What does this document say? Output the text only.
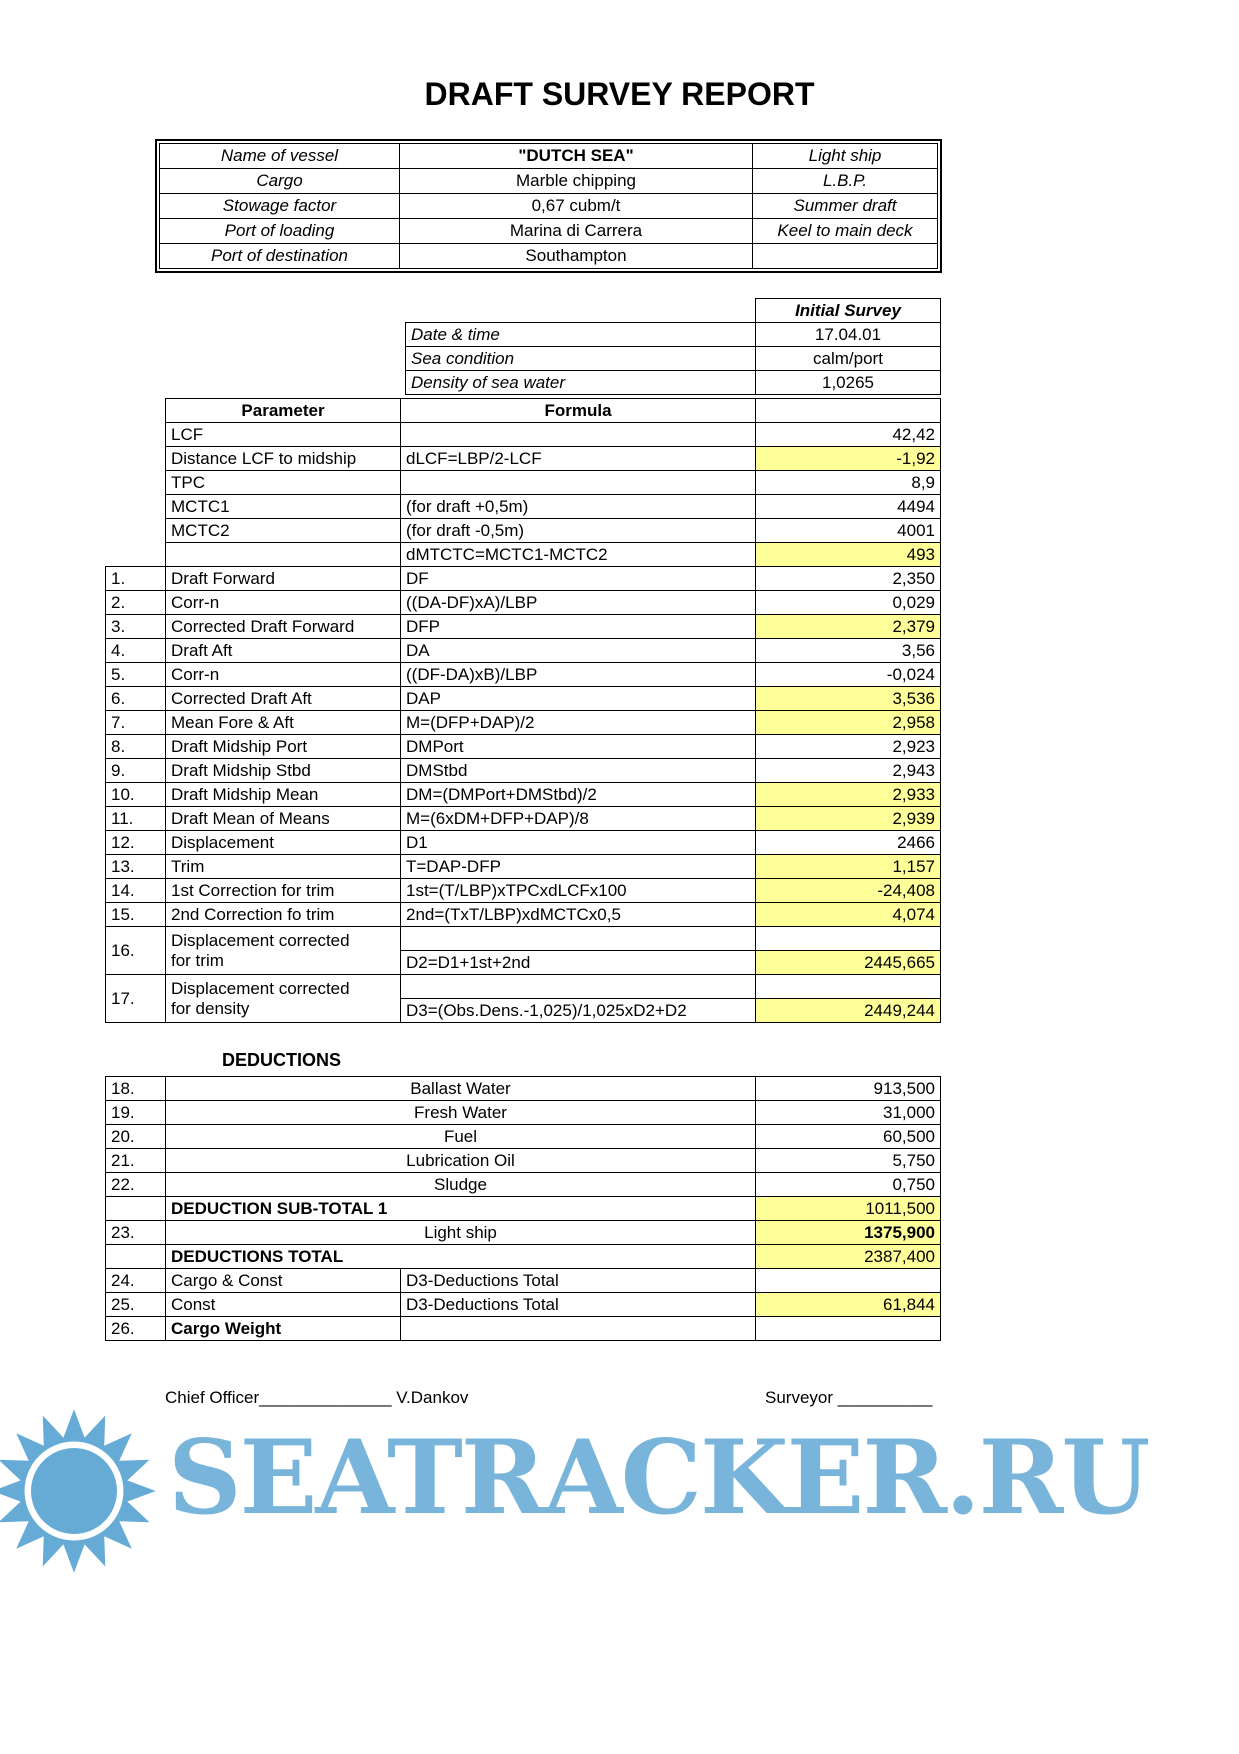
DRAFT SURVEY REPORT
Name of vessel	"DUTCH SEA"	Light ship
Cargo	Marble chipping	L.B.P.
Stowage factor	0,67 cubm/t	Summer draft
Port of loading	Marina di Carrera	Keel to main deck
Port of destination	Southampton	
	Initial Survey
Date & time	17.04.01
Sea condition	calm/port
Density of sea water	1,0265
	Parameter	Formula	
	LCF		42,42
	Distance LCF to midship	dLCF=LBP/2-LCF	-1,92
	TPC		8,9
	MCTC1	(for draft +0,5m)	4494
	MCTC2	(for draft -0,5m)	4001
		dMTCTC=MCTC1-MCTC2	493
1.	Draft Forward	DF	2,350
2.	Corr-n	((DA-DF)xA)/LBP	0,029
3.	Corrected Draft Forward	DFP	2,379
4.	Draft Aft	DA	3,56
5.	Corr-n	((DF-DA)xB)/LBP	-0,024
6.	Corrected Draft Aft	DAP	3,536
7.	Mean Fore & Aft	M=(DFP+DAP)/2	2,958
8.	Draft Midship Port	DMPort	2,923
9.	Draft Midship Stbd	DMStbd	2,943
10.	Draft Midship Mean	DM=(DMPort+DMStbd)/2	2,933
11.	Draft Mean of Means	M=(6xDM+DFP+DAP)/8	2,939
12.	Displacement	D1	2466
13.	Trim	T=DAP-DFP	1,157
14.	1st Correction for trim	1st=(T/LBP)xTPCxdLCFx100	-24,408
15.	2nd Correction fo trim	2nd=(TxT/LBP)xdMCTCx0,5	4,074
16.	Displacement corrected
for trim		

		D2=D1+1st+2nd	2445,665
17.	Displacement corrected
for density		

		D3=(Obs.Dens.-1,025)/1,025xD2+D2	2449,244
DEDUCTIONS
18.	Ballast Water		913,500
19.	Fresh Water		31,000
20.	Fuel		60,500
21.	Lubrication Oil		5,750
22.	Sludge		0,750
	DEDUCTION SUB-TOTAL 1		1011,500
23.	Light ship		1375,900
	DEDUCTIONS TOTAL		2387,400
24.	Cargo & Const	D3-Deductions Total	
25.	Const	D3-Deductions Total	61,844
26.	Cargo Weight		
Chief Officer______________ V.Dankov	Surveyor __________
SEATRACKER.RU
